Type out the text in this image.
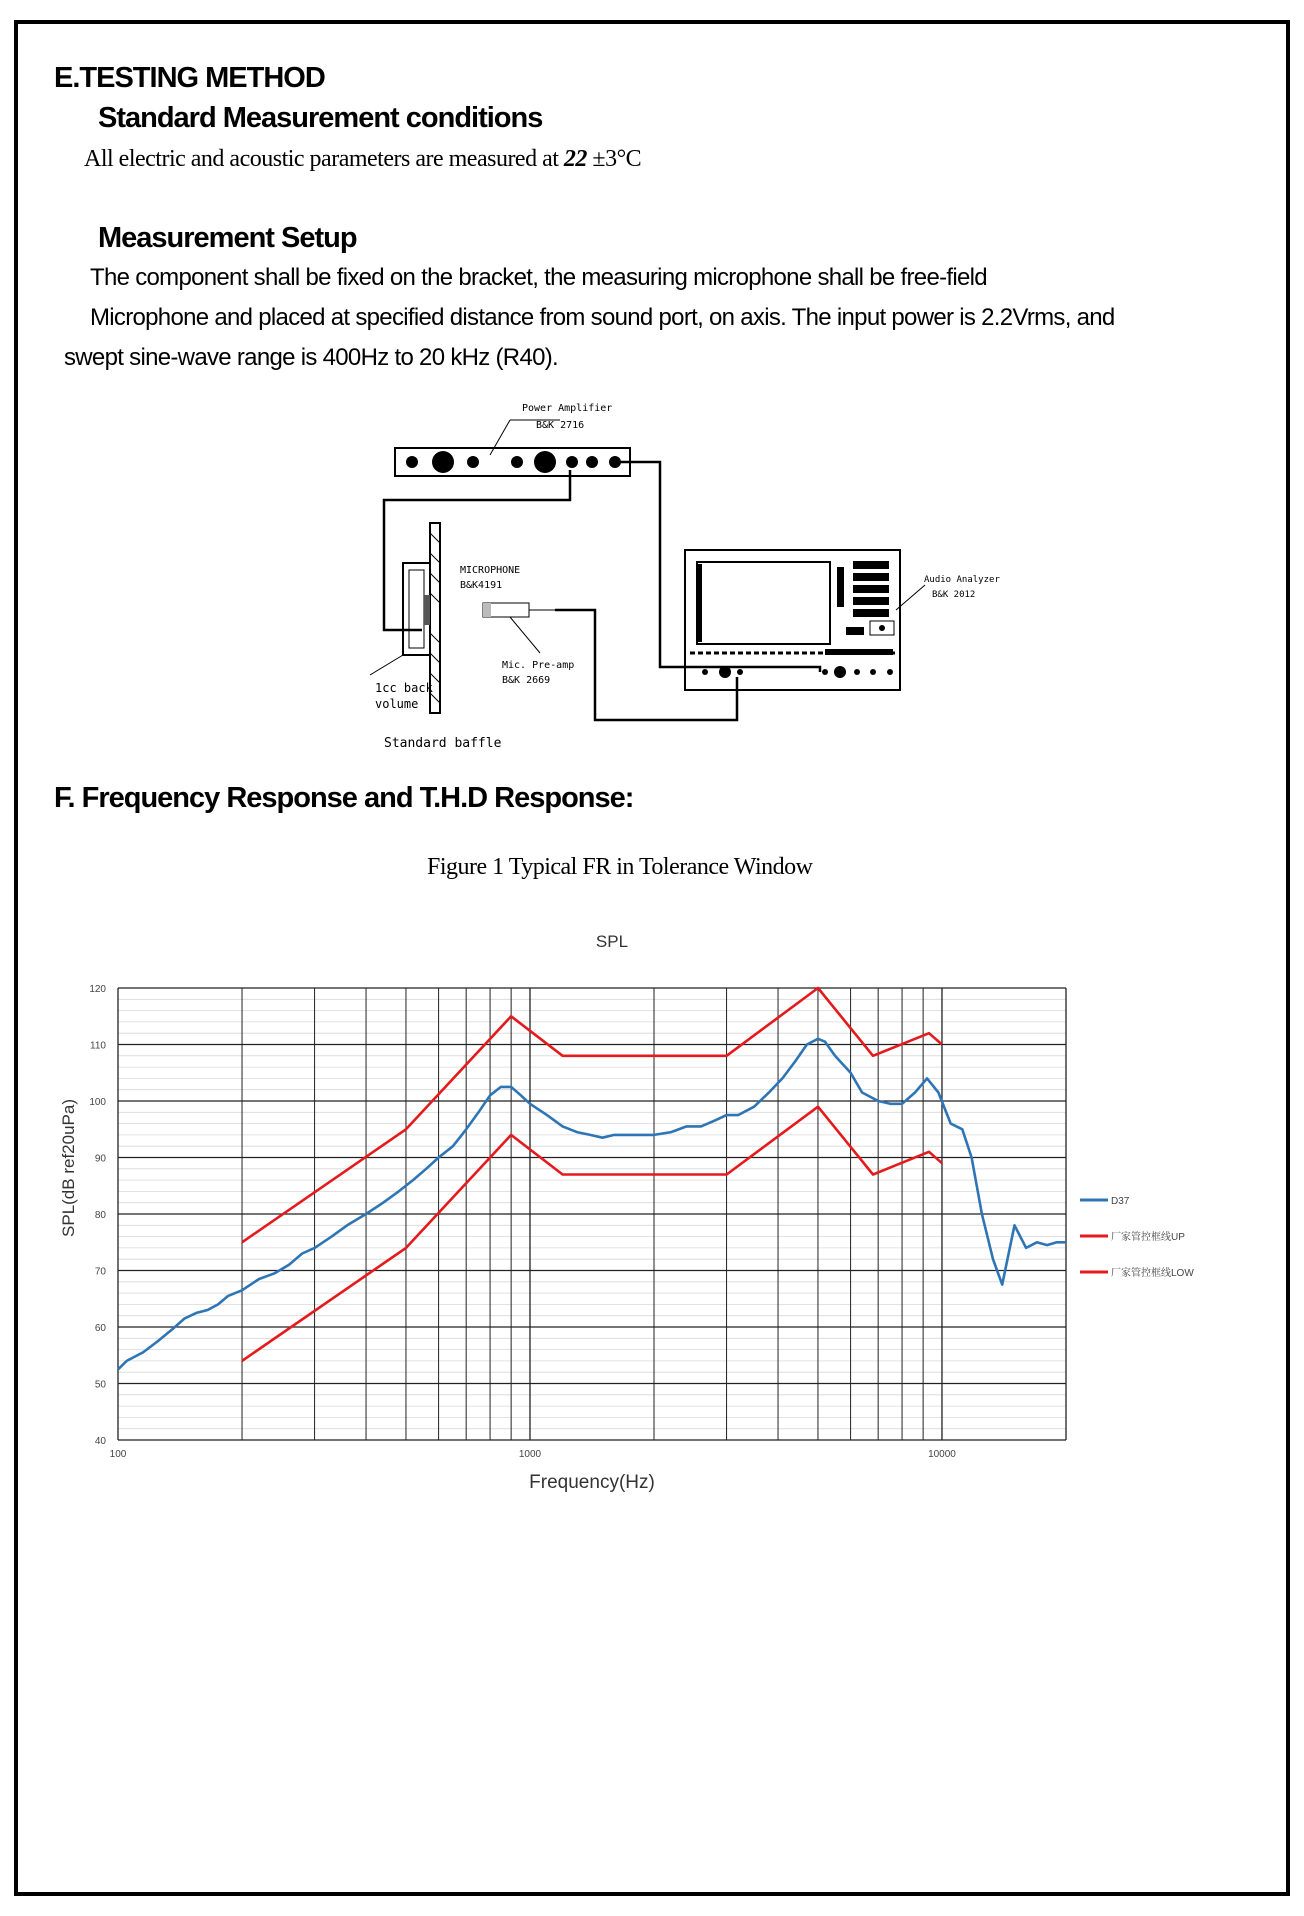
E.TESTING METHOD
Standard Measurement conditions
All electric and acoustic parameters are measured at 22 ±3°C
Measurement Setup
The component shall be fixed on the bracket, the measuring microphone shall be free-field
Microphone and placed at specified distance from sound port, on axis. The input power is 2.2Vrms, and
swept sine-wave range is 400Hz to 20 kHz (R40).
Power Amplifier
B&K 2716
1cc back
volume
Standard baffle
MICROPHONE
B&K4191
Mic. Pre-amp
B&K 2669
Audio Analyzer
B&K 2012
F. Frequency Response and T.H.D Response:
Figure 1 Typical FR in Tolerance Window
SPL
Frequency(Hz)
SPL(dB ref20uPa)
40
50
60
70
80
90
100
110
120
100	1000	10000
D37
厂家管控框线UP
厂家管控框线LOW
